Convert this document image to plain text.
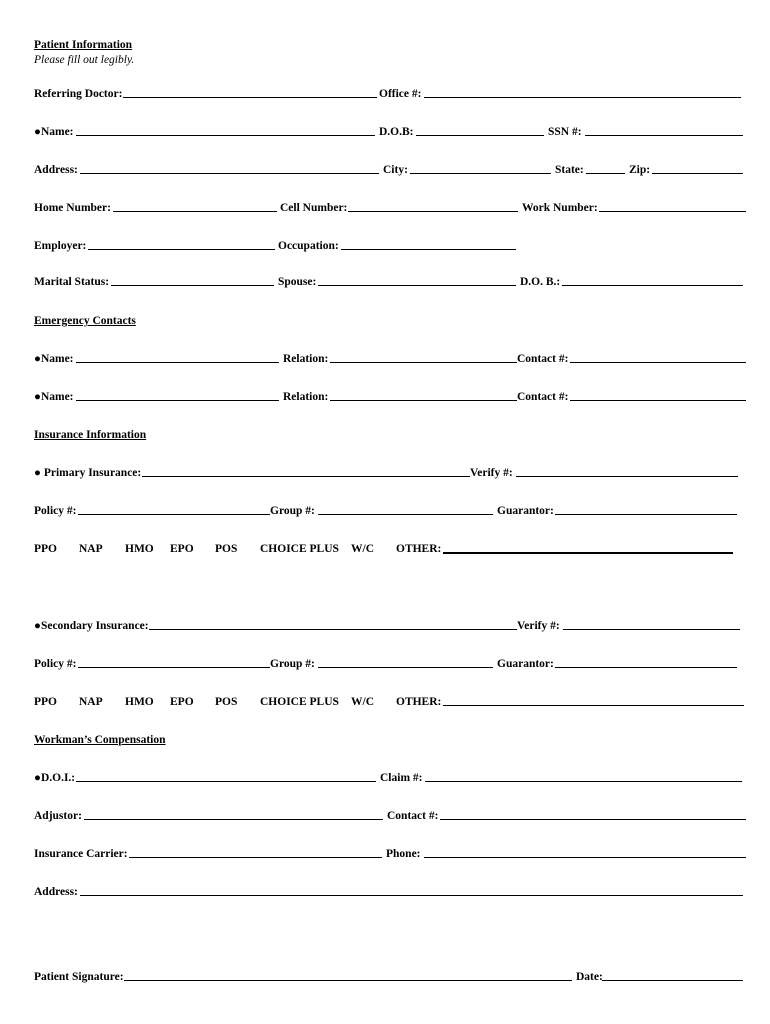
Patient Information
Please fill out legibly.
Referring Doctor:	Office #:
●Name:	D.O.B:	SSN #:
Address:	City:	State:	Zip:
Home Number:	Cell Number:	Work Number:
Employer:	Occupation:
Marital Status:	Spouse:	D.O. B.:
Emergency Contacts
●Name:	Relation:	Contact #:
●Name:	Relation:	Contact #:
Insurance Information
● Primary Insurance:	Verify #:
Policy #:	Group #:	Guarantor:
PPO NAP HMO EPO POS CHOICE PLUS W/C OTHER:
●Secondary Insurance:	Verify #:
Policy #:	Group #:	Guarantor:
PPO NAP HMO EPO POS CHOICE PLUS W/C OTHER:
Workman’s Compensation
●D.O.I.:	Claim #:
Adjustor:	Contact #:
Insurance Carrier:	Phone:
Address:
Patient Signature:	Date:
